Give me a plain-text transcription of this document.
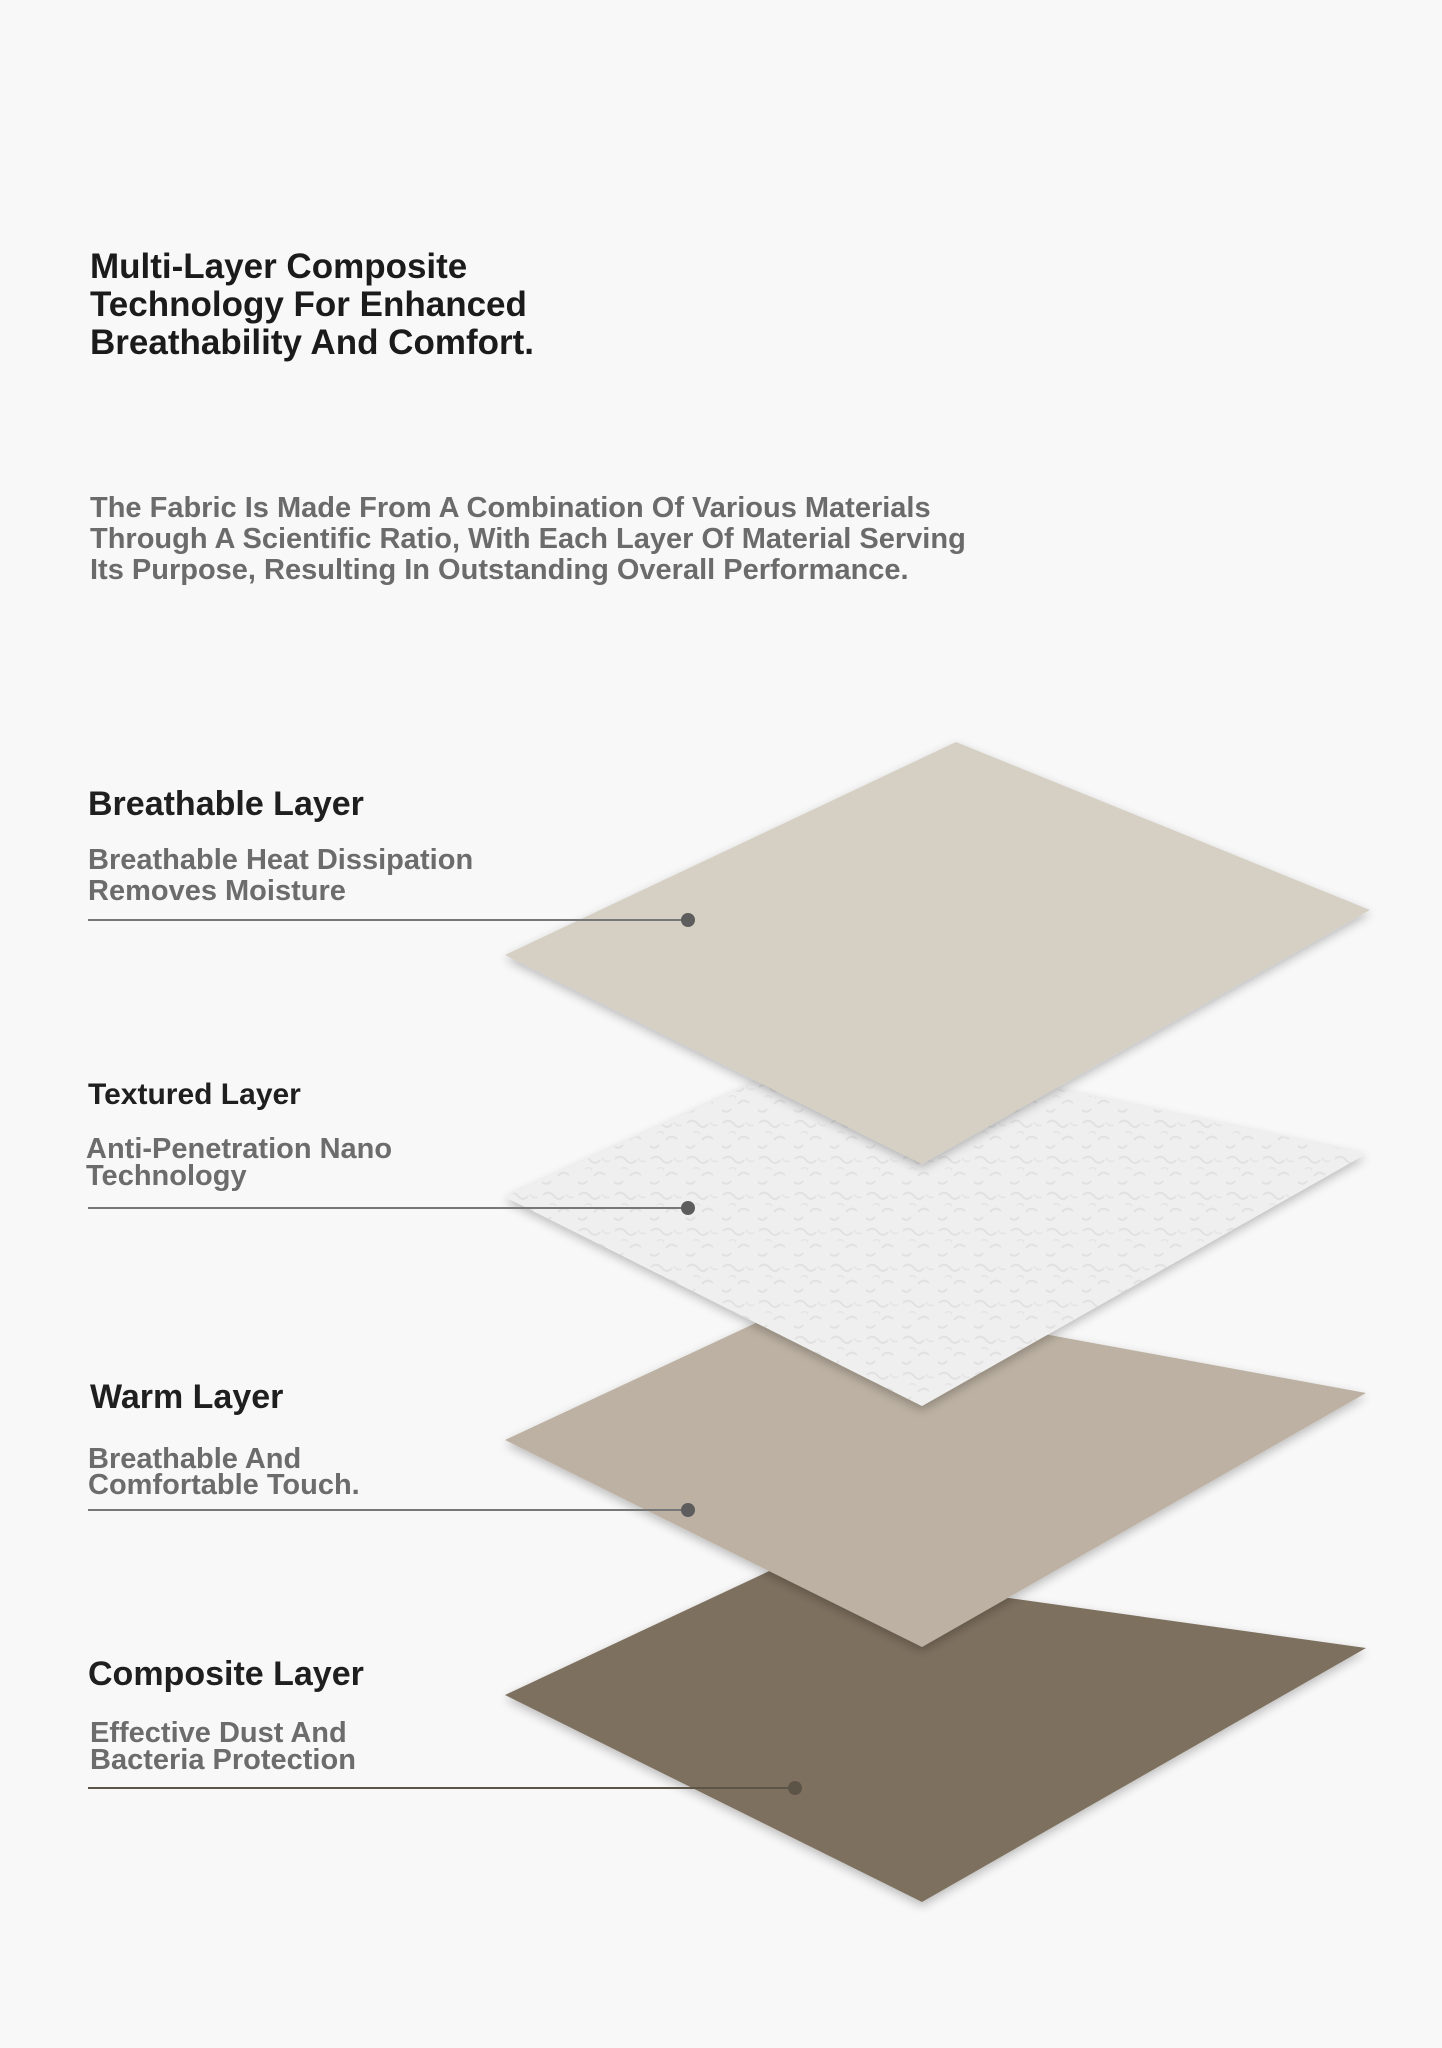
Multi-Layer Composite Technology For Enhanced Breathability And Comfort.

The Fabric Is Made From A Combination Of Various Materials Through A Scientific Ratio, With Each Layer Of Material Serving Its Purpose, Resulting In Outstanding Overall Performance.

Breathable Layer

Breathable Heat Dissipation
Removes Moisture

Textured Layer

Anti-Penetration Nano
Technology

Warm Layer

Breathable And
Comfortable Touch.

Composite Layer

Effective Dust And
Bacteria Protection
